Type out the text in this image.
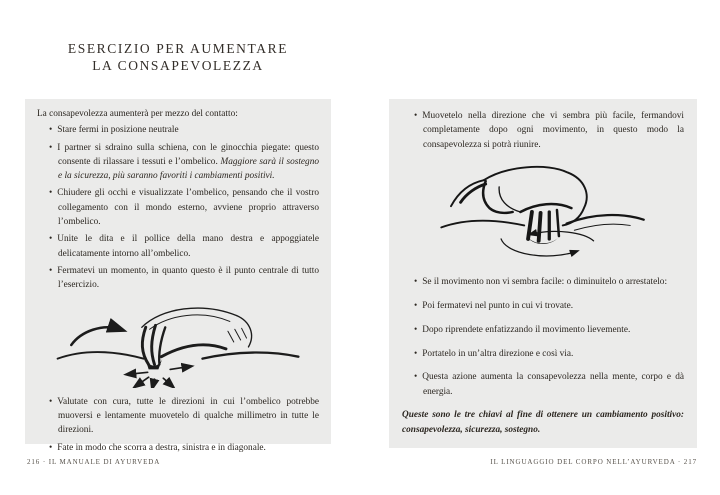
ESERCIZIO PER AUMENTARE
LA CONSAPEVOLEZZA

La consapevolezza aumenterà per mezzo del contatto:

• Stare fermi in posizione neutrale
• I partner si sdraino sulla schiena, con le ginocchia piegate: questo consente di rilassare i tessuti e l’ombelico. Maggiore sarà il sostegno e la sicurezza, più saranno favoriti i cambiamenti positivi.
• Chiudere gli occhi e visualizzate l’ombelico, pensando che il vostro collegamento con il mondo esterno, avviene proprio attraverso l’ombelico.
• Unite le dita e il pollice della mano destra e appoggiatele delicatamente intorno all’ombelico.
• Fermatevi un momento, in quanto questo è il punto centrale di tutto l’esercizio.
• Valutate con cura, tutte le direzioni in cui l’ombelico potrebbe muoversi e lentamente muovetelo di qualche millimetro in tutte le direzioni.
• Fate in modo che scorra a destra, sinistra e in diagonale.
• Muovetelo nella direzione che vi sembra più facile, fermandovi completamente dopo ogni movimento, in questo modo la consapevolezza si potrà riunire.
• Se il movimento non vi sembra facile: o diminuitelo o arrestatelo:
• Poi fermatevi nel punto in cui vi trovate.
• Dopo riprendete enfatizzando il movimento lievemente.
• Portatelo in un’altra direzione e così via.
• Questa azione aumenta la consapevolezza nella mente, corpo e dà energia.

Queste sono le tre chiavi al fine di ottenere un cambiamento positivo: consapevolezza, sicurezza, sostegno.

216 · IL MANUALE DI AYURVEDA	IL LINGUAGGIO DEL CORPO NELL’AYURVEDA · 217
